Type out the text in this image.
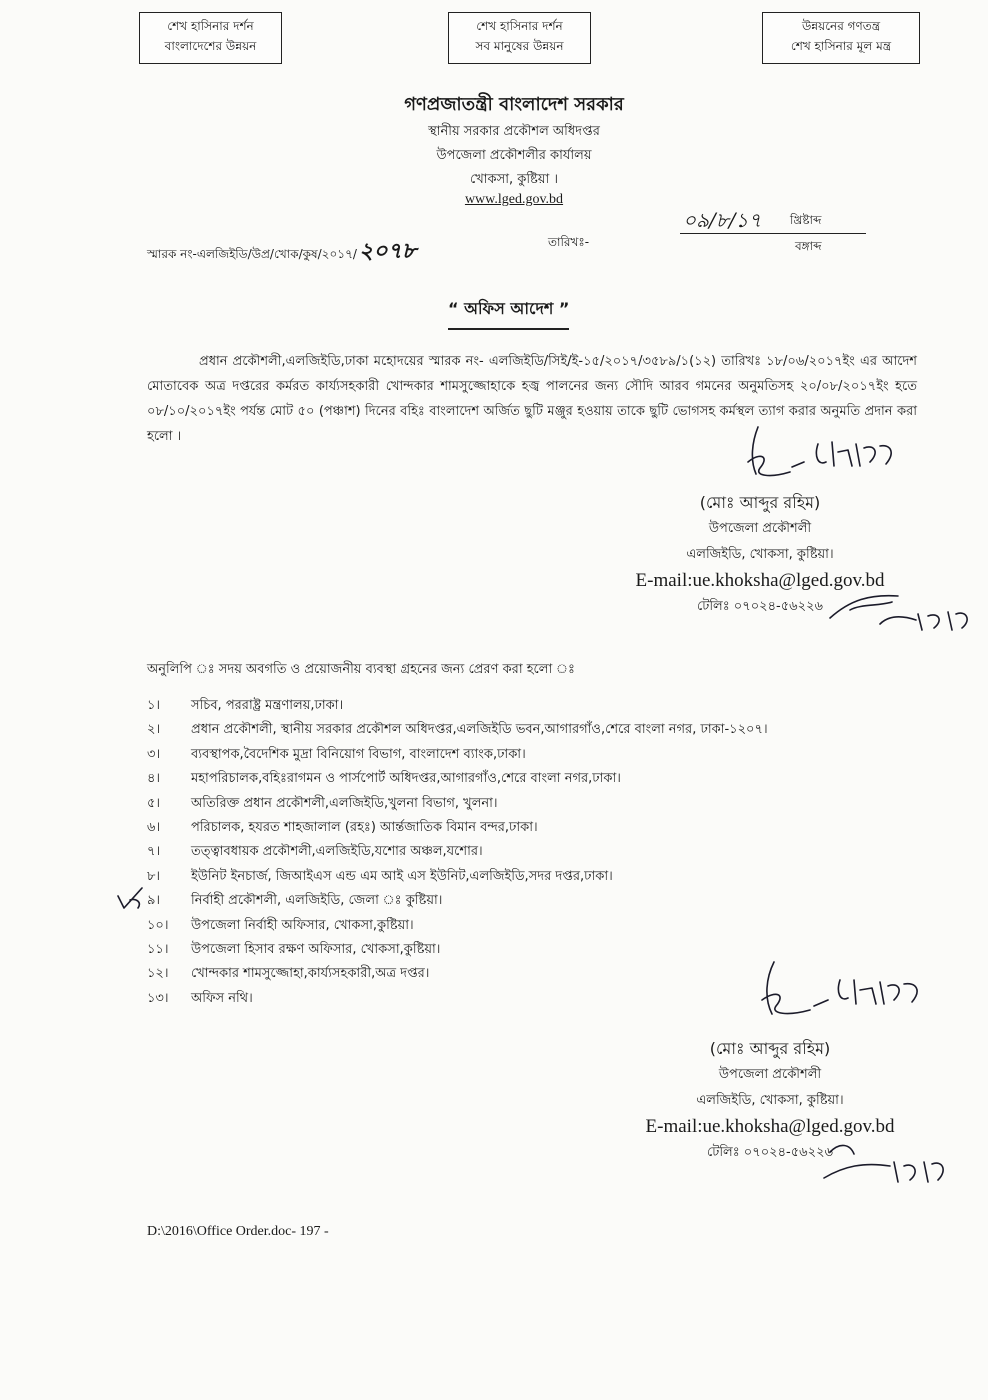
শেখ হাসিনার দর্শন
বাংলাদেশের উন্নয়ন
শেখ হাসিনার দর্শন
সব মানুষের উন্নয়ন
উন্নয়নের গণতন্ত্র
শেখ হাসিনার মূল মন্ত্র
গণপ্রজাতন্ত্রী বাংলাদেশ সরকার
স্থানীয় সরকার প্রকৌশল অধিদপ্তর
উপজেলা প্রকৌশলীর কার্যালয়
খোকসা, কুষ্টিয়া ।
www.lged.gov.bd
স্মারক নং-এলজিইডি/উপ্র/খোক/কুষ/২০১৭/২০৭৮	তারিখঃ-
০৯/৮/১৭ খ্রিষ্টাব্দ
বঙ্গাব্দ
“ অফিস আদেশ ”

প্রধান প্রকৌশলী,এলজিইডি,ঢাকা মহোদয়ের স্মারক নং- এলজিইডি/সিই/ই-১৫/২০১৭/৩৫৮৯/১(১২) তারিখঃ ১৮/০৬/২০১৭ইং এর আদেশ মোতাবেক অত্র দপ্তরের কর্মরত কার্য্যসহকারী খোন্দকার শামসুজ্জোহাকে হজ্ব পালনের জন্য সৌদি আরব গমনের অনুমতিসহ ২০/০৮/২০১৭ইং হতে ০৮/১০/২০১৭ইং পর্যন্ত মোট ৫০ (পঞ্চাশ) দিনের বহিঃ বাংলাদেশ অর্জিত ছুটি মঞ্জুর হওয়ায় তাকে ছুটি ভোগসহ কর্মস্থল ত্যাগ করার অনুমতি প্রদান করা হলো ।

(মোঃ আব্দুর রহিম)
উপজেলা প্রকৌশলী
এলজিইডি, খোকসা, কুষ্টিয়া।
E-mail:ue.khoksha@lged.gov.bd
টেলিঃ ০৭০২৪-৫৬২২৬
অনুলিপি ঃ সদয় অবগতি ও প্রয়োজনীয় ব্যবস্থা গ্রহনের জন্য প্রেরণ করা হলো ঃ
১। সচিব, পররাষ্ট্র মন্ত্রণালয়,ঢাকা।
২। প্রধান প্রকৌশলী, স্থানীয় সরকার প্রকৌশল অধিদপ্তর,এলজিইডি ভবন,আগারগাঁও,শেরে বাংলা নগর, ঢাকা-১২০৭।
৩। ব্যবস্থাপক,বৈদেশিক মুদ্রা বিনিয়োগ বিভাগ, বাংলাদেশ ব্যাংক,ঢাকা।
৪। মহাপরিচালক,বহিঃরাগমন ও পার্সপোর্ট অধিদপ্তর,আগারগাঁও,শেরে বাংলা নগর,ঢাকা।
৫। অতিরিক্ত প্রধান প্রকৌশলী,এলজিইডি,খুলনা বিভাগ, খুলনা।
৬। পরিচালক, হযরত শাহজালাল (রহঃ) আর্ন্তজাতিক বিমান বন্দর,ঢাকা।
৭। তত্ত্বাবধায়ক প্রকৌশলী,এলজিইডি,যশোর অঞ্চল,যশোর।
৮। ইউনিট ইনচার্জ, জিআইএস এন্ড এম আই এস ইউনিট,এলজিইডি,সদর দপ্তর,ঢাকা।
৯। নির্বাহী প্রকৌশলী, এলজিইডি, জেলা ঃ কুষ্টিয়া।
১০। উপজেলা নির্বাহী অফিসার, খোকসা,কুষ্টিয়া।
১১। উপজেলা হিসাব রক্ষণ অফিসার, খোকসা,কুষ্টিয়া।
১২। খোন্দকার শামসুজ্জোহা,কার্য্যসহকারী,অত্র দপ্তর।
১৩। অফিস নথি।
(মোঃ আব্দুর রহিম)
উপজেলা প্রকৌশলী
এলজিইডি, খোকসা, কুষ্টিয়া।
E-mail:ue.khoksha@lged.gov.bd
টেলিঃ ০৭০২৪-৫৬২২৬
D:\2016\Office Order.doc- 197 -
